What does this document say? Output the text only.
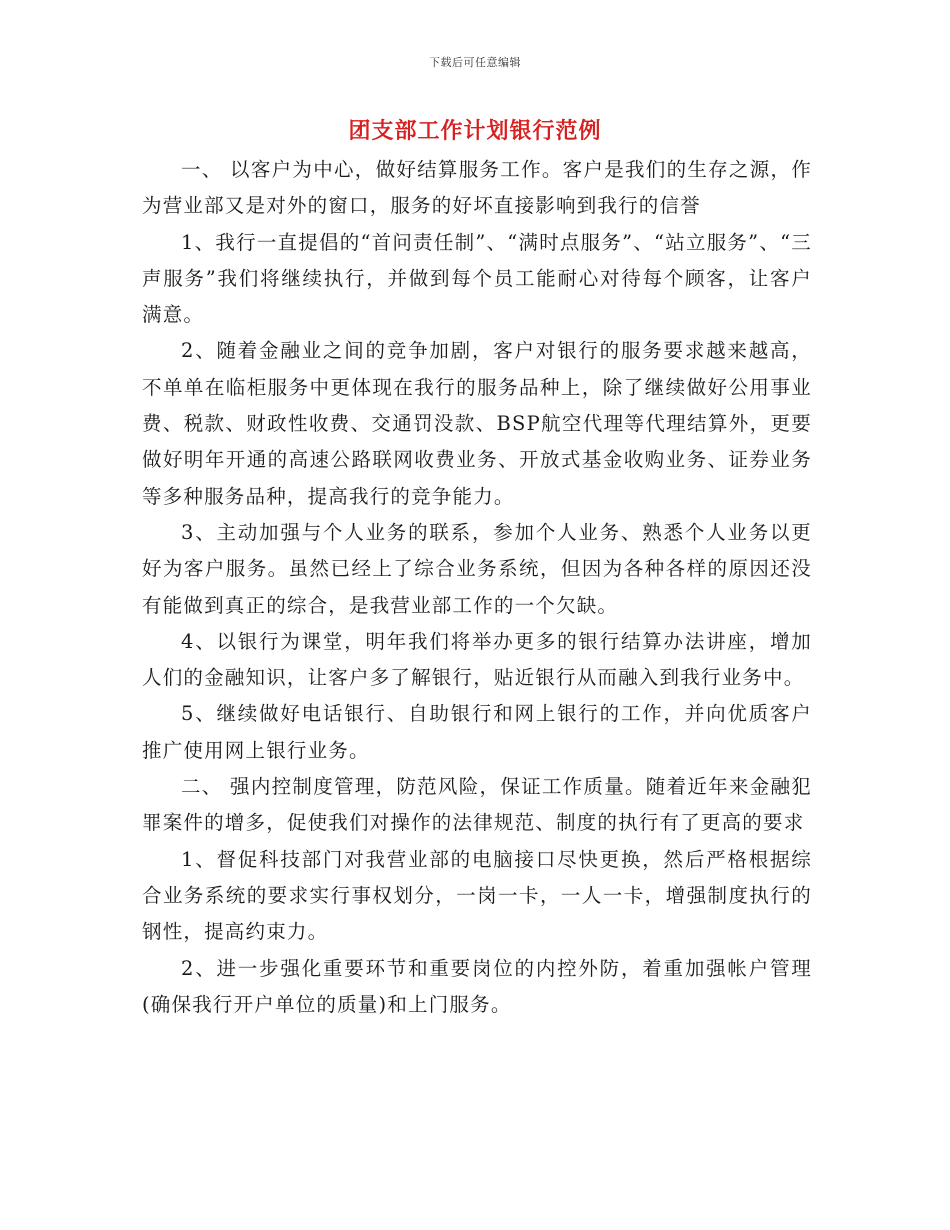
下载后可任意编辑
团支部工作计划银行范例

一、 以客户为中心，做好结算服务工作。客户是我们的生存之源，作为营业部又是对外的窗口，服务的好坏直接影响到我行的信誉

1、我行一直提倡的“首问责任制”、“满时点服务”、“站立服务”、“三声服务”我们将继续执行，并做到每个员工能耐心对待每个顾客，让客户满意。

2、随着金融业之间的竞争加剧，客户对银行的服务要求越来越高，不单单在临柜服务中更体现在我行的服务品种上，除了继续做好公用事业费、税款、财政性收费、交通罚没款、BSP航空代理等代理结算外，更要做好明年开通的高速公路联网收费业务、开放式基金收购业务、证券业务等多种服务品种，提高我行的竞争能力。

3、主动加强与个人业务的联系，参加个人业务、熟悉个人业务以更好为客户服务。虽然已经上了综合业务系统，但因为各种各样的原因还没有能做到真正的综合，是我营业部工作的一个欠缺。

4、以银行为课堂，明年我们将举办更多的银行结算办法讲座，增加人们的金融知识，让客户多了解银行，贴近银行从而融入到我行业务中。

5、继续做好电话银行、自助银行和网上银行的工作，并向优质客户推广使用网上银行业务。

二、 强内控制度管理，防范风险，保证工作质量。随着近年来金融犯罪案件的增多，促使我们对操作的法律规范、制度的执行有了更高的要求

1、督促科技部门对我营业部的电脑接口尽快更换，然后严格根据综合业务系统的要求实行事权划分，一岗一卡，一人一卡，增强制度执行的钢性，提高约束力。

2、进一步强化重要环节和重要岗位的内控外防，着重加强帐户管理(确保我行开户单位的质量)和上门服务。
